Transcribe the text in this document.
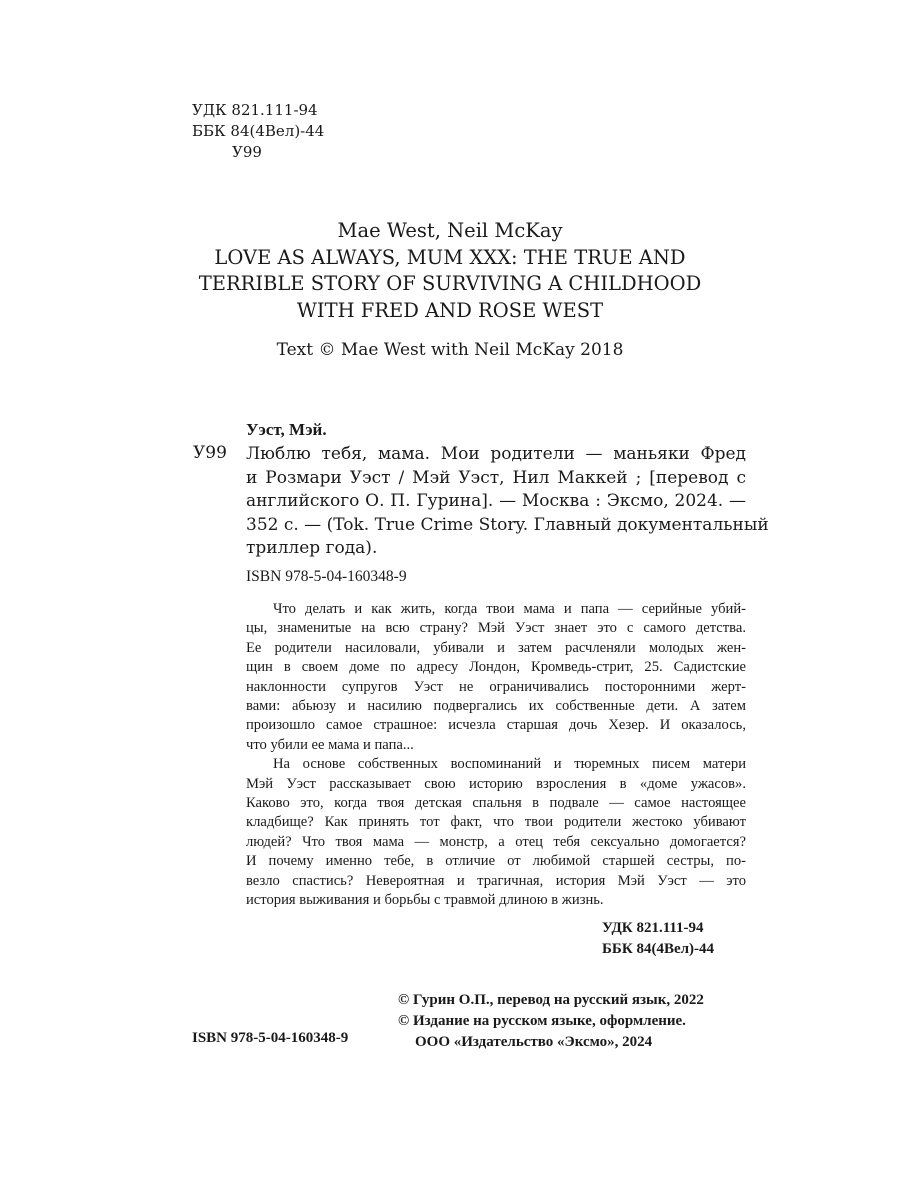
УДК 821.111-94
ББК 84(4Вел)-44
У99
Mae West, Neil McKay
LOVE AS ALWAYS, MUM XXX: THE TRUE AND
TERRIBLE STORY OF SURVIVING A CHILDHOOD
WITH FRED AND ROSE WEST
Text © Mae West with Neil McKay 2018
Уэст, Мэй.
У99 Люблю тебя, мама. Мои родители — маньяки Фред
и Розмари Уэст / Мэй Уэст, Нил Маккей ; [перевод с
английского О. П. Гурина]. — Москва : Эксмо, 2024. —
352 с. — (Tok. True Crime Story. Главный документальный
триллер года).
ISBN 978-5-04-160348-9
Что делать и как жить, когда твои мама и папа — серийные убий-
цы, знаменитые на всю страну? Мэй Уэст знает это с самого детства.
Ее родители насиловали, убивали и затем расчленяли молодых жен-
щин в своем доме по адресу Лондон, Кромведь-стрит, 25. Садистские
наклонности супругов Уэст не ограничивались посторонними жерт-
вами: абьюзу и насилию подвергались их собственные дети. А затем
произошло самое страшное: исчезла старшая дочь Хезер. И оказалось,
что убили ее мама и папа...
На основе собственных воспоминаний и тюремных писем матери
Мэй Уэст рассказывает свою историю взросления в «доме ужасов».
Каково это, когда твоя детская спальня в подвале — самое настоящее
кладбище? Как принять тот факт, что твои родители жестоко убивают
людей? Что твоя мама — монстр, а отец тебя сексуально домогается?
И почему именно тебе, в отличие от любимой старшей сестры, по-
везло спастись? Невероятная и трагичная, история Мэй Уэст — это
история выживания и борьбы с травмой длиною в жизнь.
УДК 821.111-94
ББК 84(4Вел)-44
© Гурин О.П., перевод на русский язык, 2022
© Издание на русском языке, оформление.
ООО «Издательство «Эксмо», 2024
ISBN 978-5-04-160348-9
